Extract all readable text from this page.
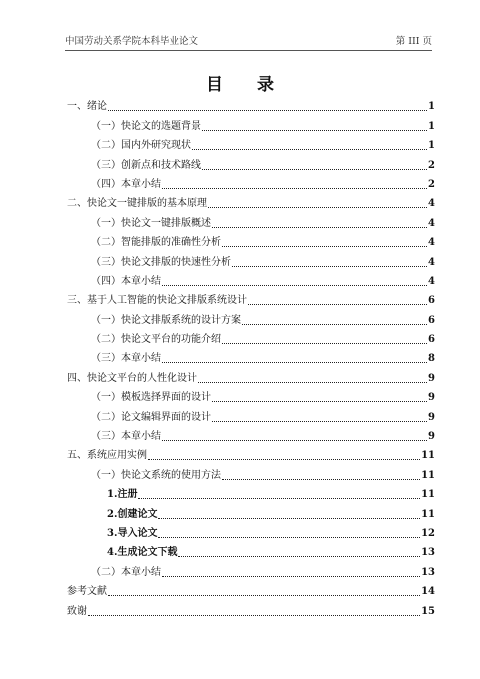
中国劳动关系学院本科毕业论文	第 III 页
目 录
一、绪论	1
（一）快论文的选题背景	1
（二）国内外研究现状	1
（三）创新点和技术路线	2
（四）本章小结	2
二、快论文一键排版的基本原理	4
（一）快论文一键排版概述	4
（二）智能排版的准确性分析	4
（三）快论文排版的快速性分析	4
（四）本章小结	4
三、基于人工智能的快论文排版系统设计	6
（一）快论文排版系统的设计方案	6
（二）快论文平台的功能介绍	6
（三）本章小结	8
四、快论文平台的人性化设计	9
（一）模板选择界面的设计	9
（二）论文编辑界面的设计	9
（三）本章小结	9
五、系统应用实例	11
（一）快论文系统的使用方法	11
1.注册	11
2.创建论文	11
3.导入论文	12
4.生成论文下载	13
（二）本章小结	13
参考文献	14
致谢	15
